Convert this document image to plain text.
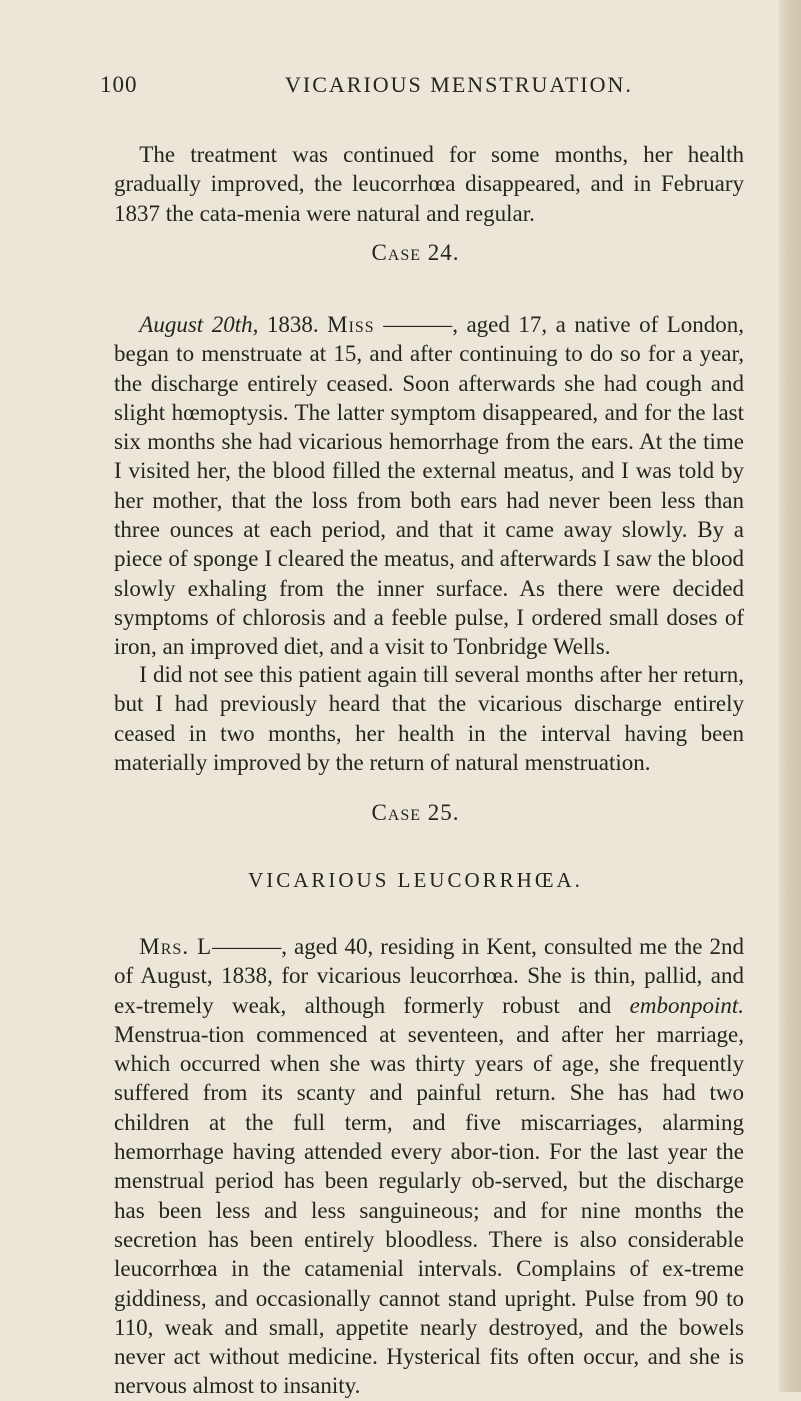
100	VICARIOUS MENSTRUATION.

The treatment was continued for some months, her health gradually improved, the leucorrhœa disappeared, and in February 1837 the cata-menia were natural and regular.

Case 24.

August 20th, 1838. Miss ———, aged 17, a native of London, began to menstruate at 15, and after continuing to do so for a year, the discharge entirely ceased. Soon afterwards she had cough and slight hœmoptysis. The latter symptom disappeared, and for the last six months she had vicarious hemorrhage from the ears. At the time I visited her, the blood filled the external meatus, and I was told by her mother, that the loss from both ears had never been less than three ounces at each period, and that it came away slowly. By a piece of sponge I cleared the meatus, and afterwards I saw the blood slowly exhaling from the inner surface. As there were decided symptoms of chlorosis and a feeble pulse, I ordered small doses of iron, an improved diet, and a visit to Tonbridge Wells.

I did not see this patient again till several months after her return, but I had previously heard that the vicarious discharge entirely ceased in two months, her health in the interval having been materially improved by the return of natural menstruation.

Case 25.
VICARIOUS LEUCORRHŒA.

Mrs. L———, aged 40, residing in Kent, consulted me the 2nd of August, 1838, for vicarious leucorrhœa. She is thin, pallid, and ex-tremely weak, although formerly robust and embonpoint. Menstrua-tion commenced at seventeen, and after her marriage, which occurred when she was thirty years of age, she frequently suffered from its scanty and painful return. She has had two children at the full term, and five miscarriages, alarming hemorrhage having attended every abor-tion. For the last year the menstrual period has been regularly ob-served, but the discharge has been less and less sanguineous; and for nine months the secretion has been entirely bloodless. There is also considerable leucorrhœa in the catamenial intervals. Complains of ex-treme giddiness, and occasionally cannot stand upright. Pulse from 90 to 110, weak and small, appetite nearly destroyed, and the bowels never act without medicine. Hysterical fits often occur, and she is nervous almost to insanity.
